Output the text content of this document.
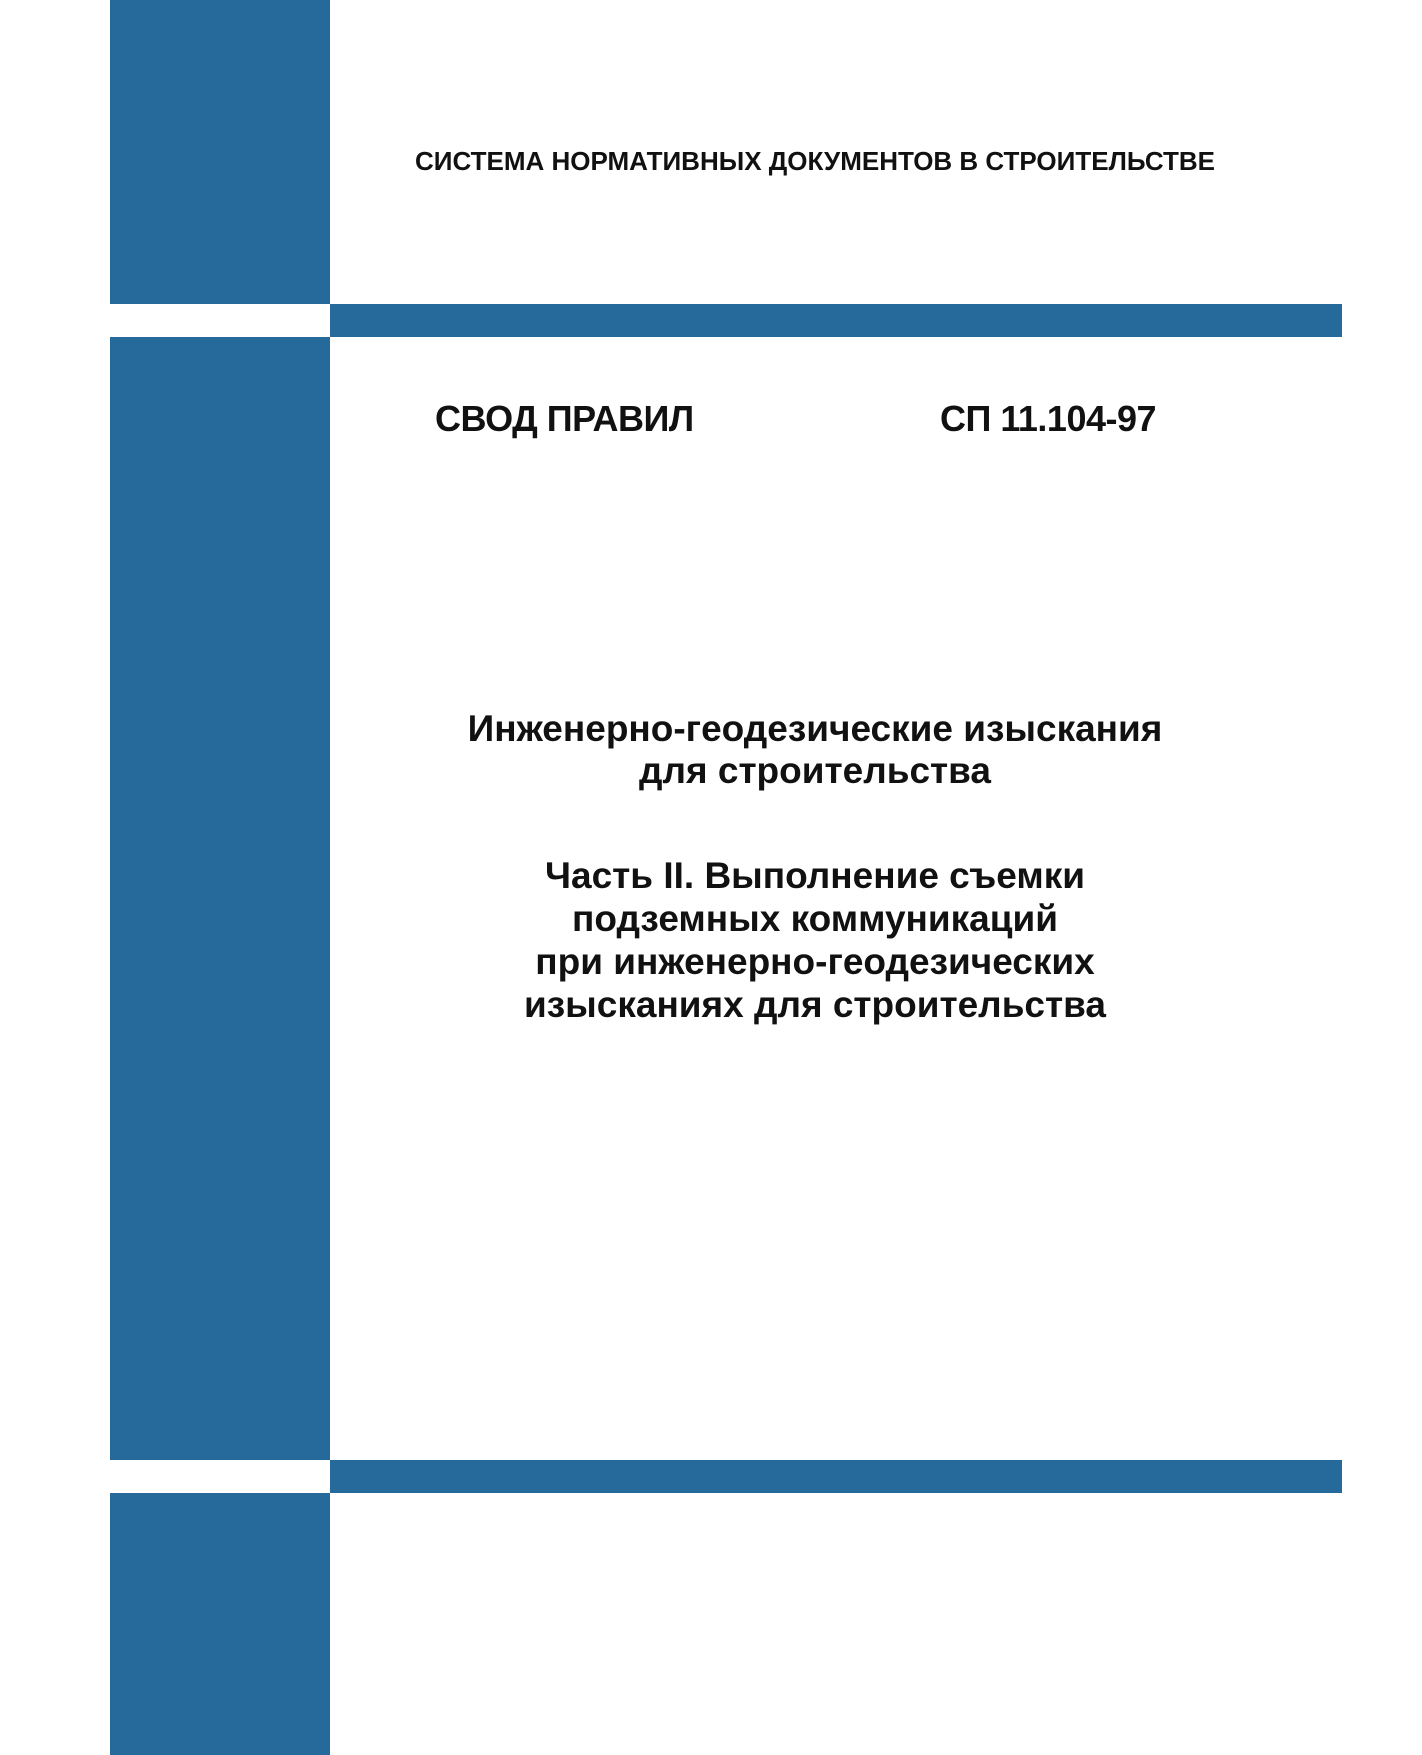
СИСТЕМА НОРМАТИВНЫХ ДОКУМЕНТОВ В СТРОИТЕЛЬСТВЕ
СВОД ПРАВИЛ	СП 11.104-97
Инженерно-геодезические изыскания
для строительства
Часть II. Выполнение съемки
подземных коммуникаций
при инженерно-геодезических
изысканиях для строительства
